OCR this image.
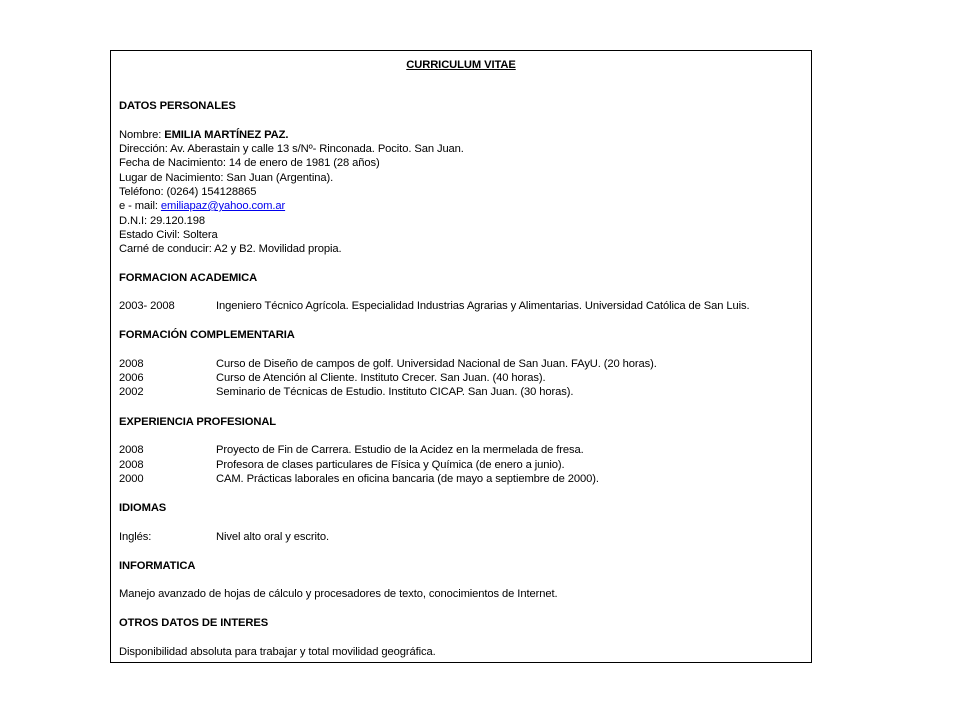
CURRICULUM VITAE
DATOS PERSONALES
Nombre: EMILIA MARTÍNEZ PAZ.
Dirección: Av. Aberastain y calle 13 s/Nº- Rinconada. Pocito. San Juan.
Fecha de Nacimiento: 14 de enero de 1981 (28 años)
Lugar de Nacimiento: San Juan (Argentina).
Teléfono: (0264) 154128865
e - mail: emiliapaz@yahoo.com.ar
D.N.I: 29.120.198
Estado Civil: Soltera
Carné de conducir: A2 y B2. Movilidad propia.
FORMACION ACADEMICA
2003- 2008	Ingeniero Técnico Agrícola. Especialidad Industrias Agrarias y Alimentarias. Universidad Católica de San Luis.
FORMACIÓN COMPLEMENTARIA
2008	Curso de Diseño de campos de golf. Universidad Nacional de San Juan. FAyU. (20 horas).
2006	Curso de Atención al Cliente. Instituto Crecer. San Juan. (40 horas).
2002	Seminario de Técnicas de Estudio. Instituto CICAP. San Juan. (30 horas).
EXPERIENCIA PROFESIONAL
2008	Proyecto de Fin de Carrera. Estudio de la Acidez en la mermelada de fresa.
2008	Profesora de clases particulares de Física y Química (de enero a junio).
2000	CAM. Prácticas laborales en oficina bancaria (de mayo a septiembre de 2000).
IDIOMAS
Inglés:	Nivel alto oral y escrito.
INFORMATICA
Manejo avanzado de hojas de cálculo y procesadores de texto, conocimientos de Internet.
OTROS DATOS DE INTERES
Disponibilidad absoluta para trabajar y total movilidad geográfica.
